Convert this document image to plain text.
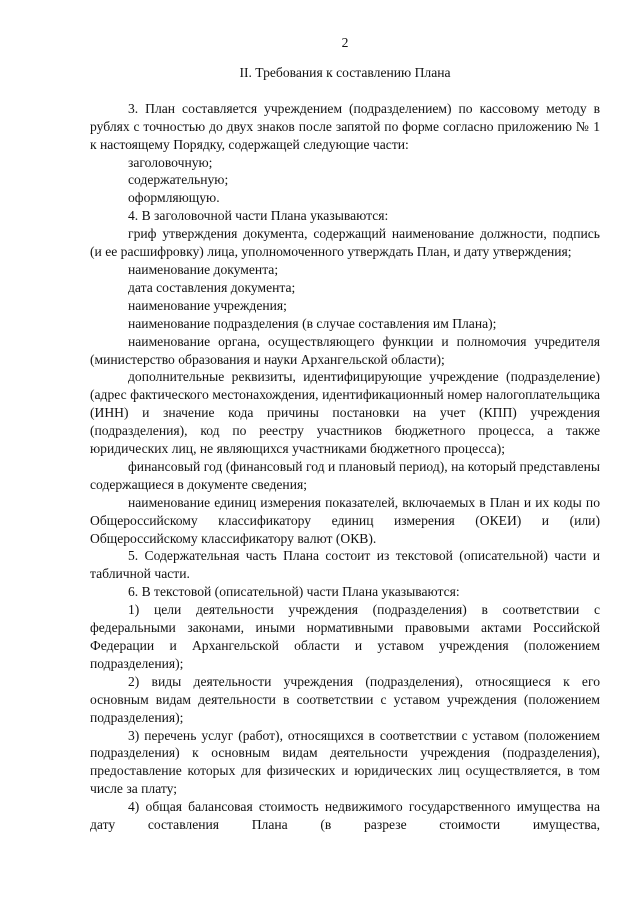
2
II. Требования к составлению Плана

3. План составляется учреждением (подразделением) по кассовому методу в рублях с точностью до двух знаков после запятой по форме согласно приложению № 1 к настоящему Порядку, содержащей следующие части:

заголовочную;

содержательную;

оформляющую.

4. В заголовочной части Плана указываются:

гриф утверждения документа, содержащий наименование должности, подпись (и ее расшифровку) лица, уполномоченного утверждать План, и дату утверждения;

наименование документа;

дата составления документа;

наименование учреждения;

наименование подразделения (в случае составления им Плана);

наименование органа, осуществляющего функции и полномочия учредителя (министерство образования и науки Архангельской области);

дополнительные реквизиты, идентифицирующие учреждение (подразделение) (адрес фактического местонахождения, идентификационный номер налогоплательщика (ИНН) и значение кода причины постановки на учет (КПП) учреждения (подразделения), код по реестру участников бюджетного процесса, а также юридических лиц, не являющихся участниками бюджетного процесса);

финансовый год (финансовый год и плановый период), на который представлены содержащиеся в документе сведения;

наименование единиц измерения показателей, включаемых в План и их коды по Общероссийскому классификатору единиц измерения (ОКЕИ) и (или) Общероссийскому классификатору валют (ОКВ).

5. Содержательная часть Плана состоит из текстовой (описательной) части и табличной части.

6. В текстовой (описательной) части Плана указываются:

1) цели деятельности учреждения (подразделения) в соответствии с федеральными законами, иными нормативными правовыми актами Российской Федерации и Архангельской области и уставом учреждения (положением подразделения);

2) виды деятельности учреждения (подразделения), относящиеся к его основным видам деятельности в соответствии с уставом учреждения (положением подразделения);

3) перечень услуг (работ), относящихся в соответствии с уставом (положением подразделения) к основным видам деятельности учреждения (подразделения), предоставление которых для физических и юридических лиц осуществляется, в том числе за плату;

4) общая балансовая стоимость недвижимого государственного имущества на дату составления Плана (в разрезе стоимости имущества,
